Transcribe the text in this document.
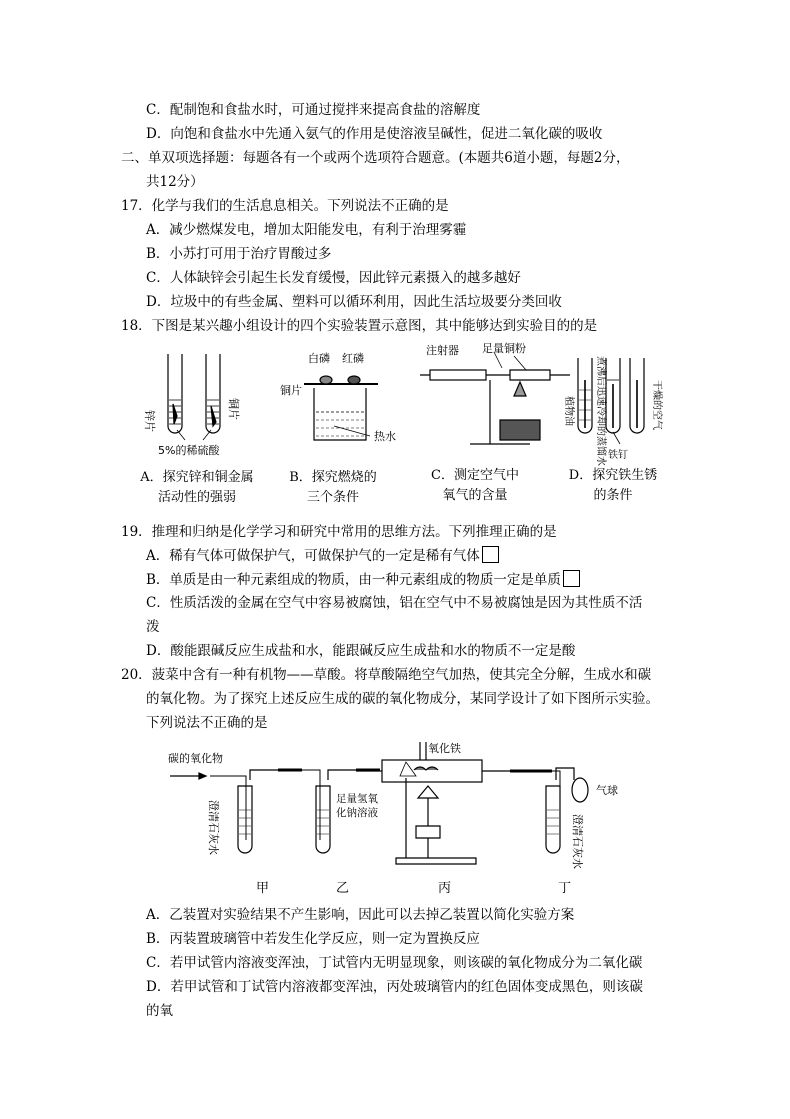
C．配制饱和食盐水时，可通过搅拌来提高食盐的溶解度
D．向饱和食盐水中先通入氨气的作用是使溶液呈碱性，促进二氧化碳的吸收
二、单双项选择题：每题各有一个或两个选项符合题意。(本题共6道小题，每题2分，
共12分）
17．化学与我们的生活息息相关。下列说法不正确的是
A．减少燃煤发电，增加太阳能发电，有利于治理雾霾
B．小苏打可用于治疗胃酸过多
C．人体缺锌会引起生长发育缓慢，因此锌元素摄入的越多越好
D．垃圾中的有些金属、塑料可以循环利用，因此生活垃圾要分类回收
18．下图是某兴趣小组设计的四个实验装置示意图，其中能够达到实验目的的是
锌片
铜片
5%的稀硫酸
白磷 红磷
铜片
热水
注射器 足量铜粉
煮沸后迅速冷却的蒸馏水
植物油	干燥的空气
铁钉
A．探究锌和铜金属
活动性的强弱
B．探究燃烧的
三个条件
C．测定空气中
氧气的含量
D．探究铁生锈
的条件
19．推理和归纳是化学学习和研究中常用的思维方法。下列推理正确的是
A．稀有气体可做保护气，可做保护气的一定是稀有气体
B．单质是由一种元素组成的物质，由一种元素组成的物质一定是单质
C．性质活泼的金属在空气中容易被腐蚀，铝在空气中不易被腐蚀是因为其性质不活
泼
D．酸能跟碱反应生成盐和水，能跟碱反应生成盐和水的物质不一定是酸
20．菠菜中含有一种有机物——草酸。将草酸隔绝空气加热，使其完全分解，生成水和碳
的氧化物。为了探究上述反应生成的碳的氧化物成分，某同学设计了如下图所示实验。
下列说法不正确的是
碳的氧化物
氧化铁
气球
澄清石灰水
足量氢氧
化钠溶液
澄清石灰水
甲	乙	丙	丁
A．乙装置对实验结果不产生影响，因此可以去掉乙装置以简化实验方案
B．丙装置玻璃管中若发生化学反应，则一定为置换反应
C．若甲试管内溶液变浑浊，丁试管内无明显现象，则该碳的氧化物成分为二氧化碳
D．若甲试管和丁试管内溶液都变浑浊，丙处玻璃管内的红色固体变成黑色，则该碳
的氧
